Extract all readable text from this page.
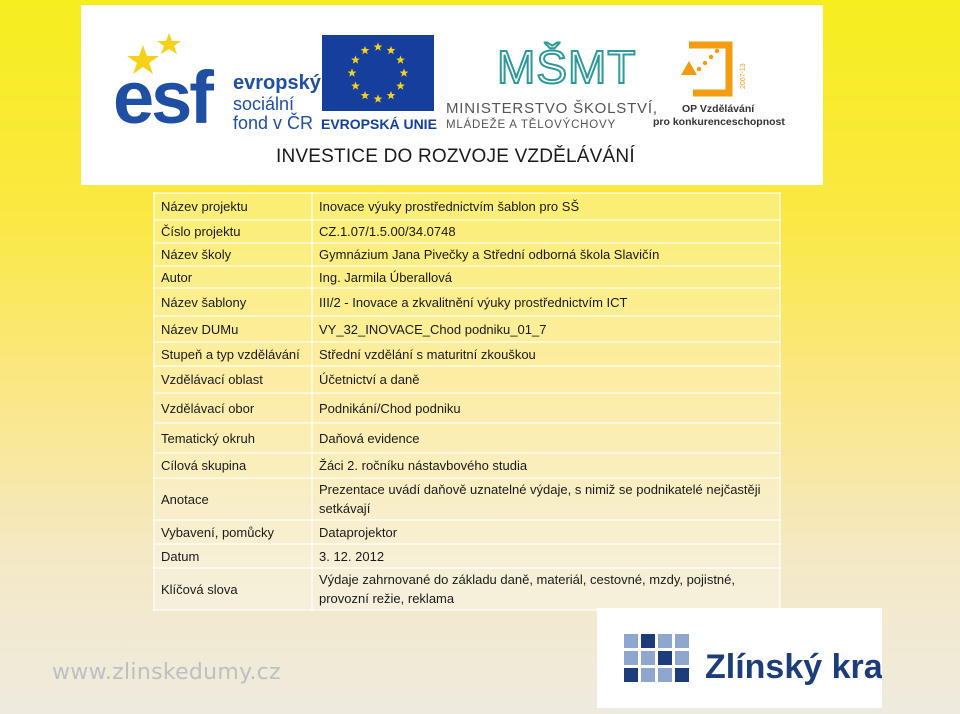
esf evropský
sociální
fond v ČR EVROPSKÁ UNIE
MŠMT
MINISTERSTVO ŠKOLSTVÍ,
MLÁDEŽE A TĚLOVÝCHOVY
2007-13
OP Vzdělávání
pro konkurenceschopnost
INVESTICE DO ROZVOJE VZDĚLÁVÁNÍ
Název projektu	Inovace výuky prostřednictvím šablon pro SŠ
Číslo projektu	CZ.1.07/1.5.00/34.0748
Název školy	Gymnázium Jana Pivečky a Střední odborná škola Slavičín
Autor	Ing. Jarmila Úberallová
Název šablony	III/2 - Inovace a zkvalitnění výuky prostřednictvím ICT
Název DUMu	VY_32_INOVACE_Chod podniku_01_7
Stupeň a typ vzdělávání	Střední vzdělání s maturitní zkouškou
Vzdělávací oblast	Účetnictví a daně
Vzdělávací obor	Podnikání/Chod podniku
Tematický okruh	Daňová evidence
Cílová skupina	Žáci 2. ročníku nástavbového studia
Anotace	Prezentace uvádí daňově uznatelné výdaje, s nimiž se podnikatelé nejčastěji setkávají
Vybavení, pomůcky	Dataprojektor
Datum	3. 12. 2012
Klíčová slova	Výdaje zahrnované do základu daně, materiál, cestovné, mzdy, pojistné, provozní režie, reklama
www.zlinskedumy.cz	Zlínský kraj
